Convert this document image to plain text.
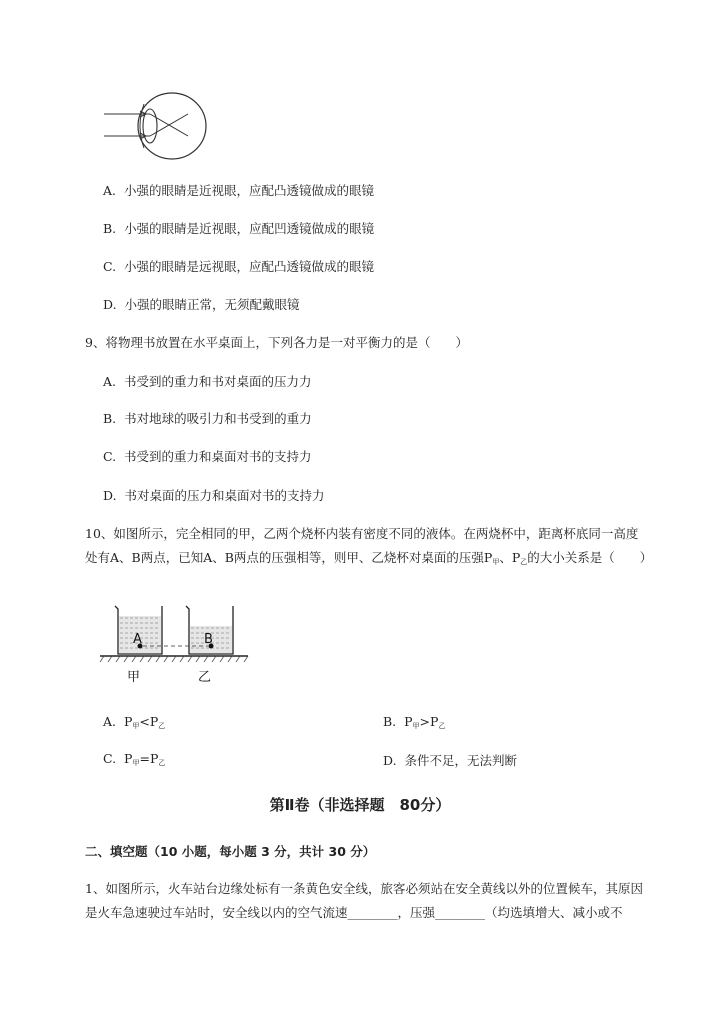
A. 小强的眼睛是近视眼，应配凸透镜做成的眼镜
B. 小强的眼睛是近视眼，应配凹透镜做成的眼镜
C. 小强的眼睛是远视眼，应配凸透镜做成的眼镜
D. 小强的眼睛正常，无须配戴眼镜
9、将物理书放置在水平桌面上，下列各力是一对平衡力的是（　　）
A. 书受到的重力和书对桌面的压力力
B. 书对地球的吸引力和书受到的重力
C. 书受到的重力和桌面对书的支持力
D. 书对桌面的压力和桌面对书的支持力
10、如图所示，完全相同的甲，乙两个烧杯内装有密度不同的液体。在两烧杯中，距离杯底同一高度
处有A、B两点，已知A、B两点的压强相等，则甲、乙烧杯对桌面的压强$P_甲$、$P_乙$的大小关系是（　　）
A	B
甲	乙
A. $P_甲<P_乙$	B. $P_甲>P_乙$
C. $P_甲=P_乙$	D. 条件不足，无法判断
第Ⅱ卷（非选择题　80分）
二、填空题（10 小题，每小题 3 分，共计 30 分）
1、如图所示，火车站台边缘处标有一条黄色安全线，旅客必须站在安全黄线以外的位置候车，其原因
是火车急速驶过车站时，安全线以内的空气流速________，压强________（均选填增大、减小或不
